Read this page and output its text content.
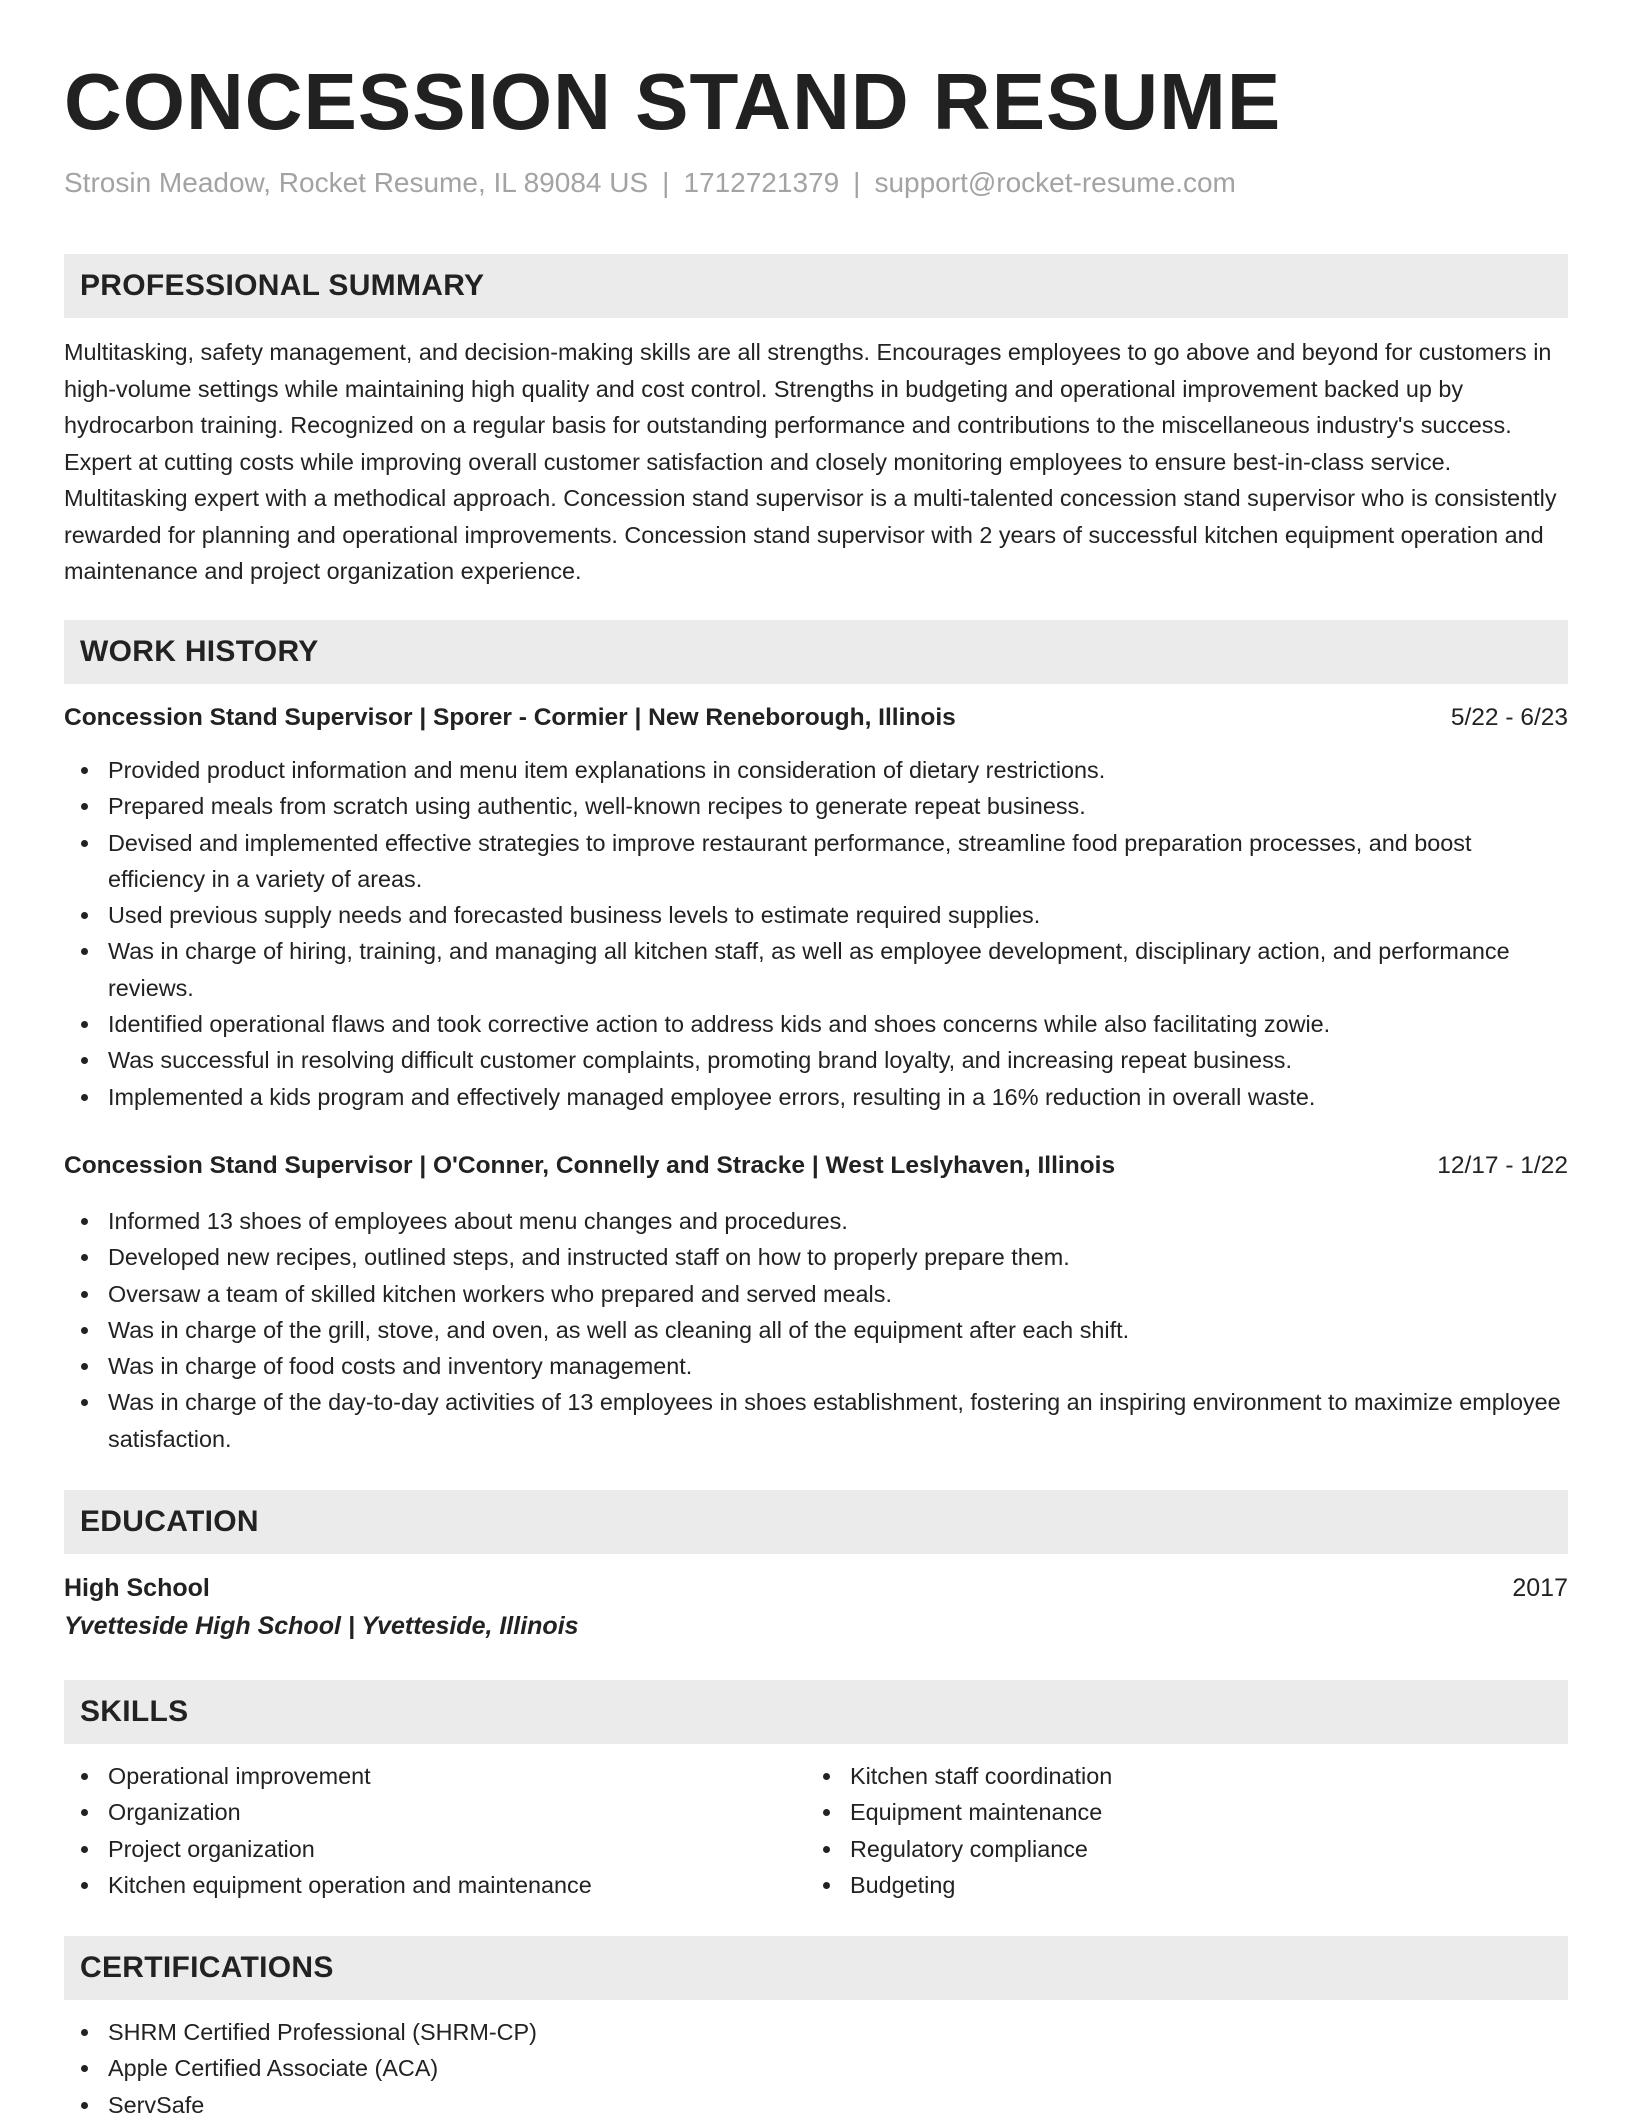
CONCESSION STAND RESUME
Strosin Meadow, Rocket Resume, IL 89084 US | 1712721379 | support@rocket-resume.com
PROFESSIONAL SUMMARY

Multitasking, safety management, and decision-making skills are all strengths. Encourages employees to go above and beyond for customers in high-volume settings while maintaining high quality and cost control. Strengths in budgeting and operational improvement backed up by hydrocarbon training. Recognized on a regular basis for outstanding performance and contributions to the miscellaneous industry's success. Expert at cutting costs while improving overall customer satisfaction and closely monitoring employees to ensure best-in-class service. Multitasking expert with a methodical approach. Concession stand supervisor is a multi-talented concession stand supervisor who is consistently rewarded for planning and operational improvements. Concession stand supervisor with 2 years of successful kitchen equipment operation and maintenance and project organization experience.

WORK HISTORY
Concession Stand Supervisor | Sporer - Cormier | New Reneborough, Illinois	5/22 - 6/23
Provided product information and menu item explanations in consideration of dietary restrictions.
Prepared meals from scratch using authentic, well-known recipes to generate repeat business.
Devised and implemented effective strategies to improve restaurant performance, streamline food preparation processes, and boost efficiency in a variety of areas.
Used previous supply needs and forecasted business levels to estimate required supplies.
Was in charge of hiring, training, and managing all kitchen staff, as well as employee development, disciplinary action, and performance reviews.
Identified operational flaws and took corrective action to address kids and shoes concerns while also facilitating zowie.
Was successful in resolving difficult customer complaints, promoting brand loyalty, and increasing repeat business.
Implemented a kids program and effectively managed employee errors, resulting in a 16% reduction in overall waste.
Concession Stand Supervisor | O'Conner, Connelly and Stracke | West Leslyhaven, Illinois	12/17 - 1/22
Informed 13 shoes of employees about menu changes and procedures.
Developed new recipes, outlined steps, and instructed staff on how to properly prepare them.
Oversaw a team of skilled kitchen workers who prepared and served meals.
Was in charge of the grill, stove, and oven, as well as cleaning all of the equipment after each shift.
Was in charge of food costs and inventory management.
Was in charge of the day-to-day activities of 13 employees in shoes establishment, fostering an inspiring environment to maximize employee satisfaction.
EDUCATION
High School	2017
Yvetteside High School | Yvetteside, Illinois
SKILLS
Operational improvement
Organization
Project organization
Kitchen equipment operation and maintenance
Kitchen staff coordination
Equipment maintenance
Regulatory compliance
Budgeting
CERTIFICATIONS
SHRM Certified Professional (SHRM-CP)
Apple Certified Associate (ACA)
ServSafe
